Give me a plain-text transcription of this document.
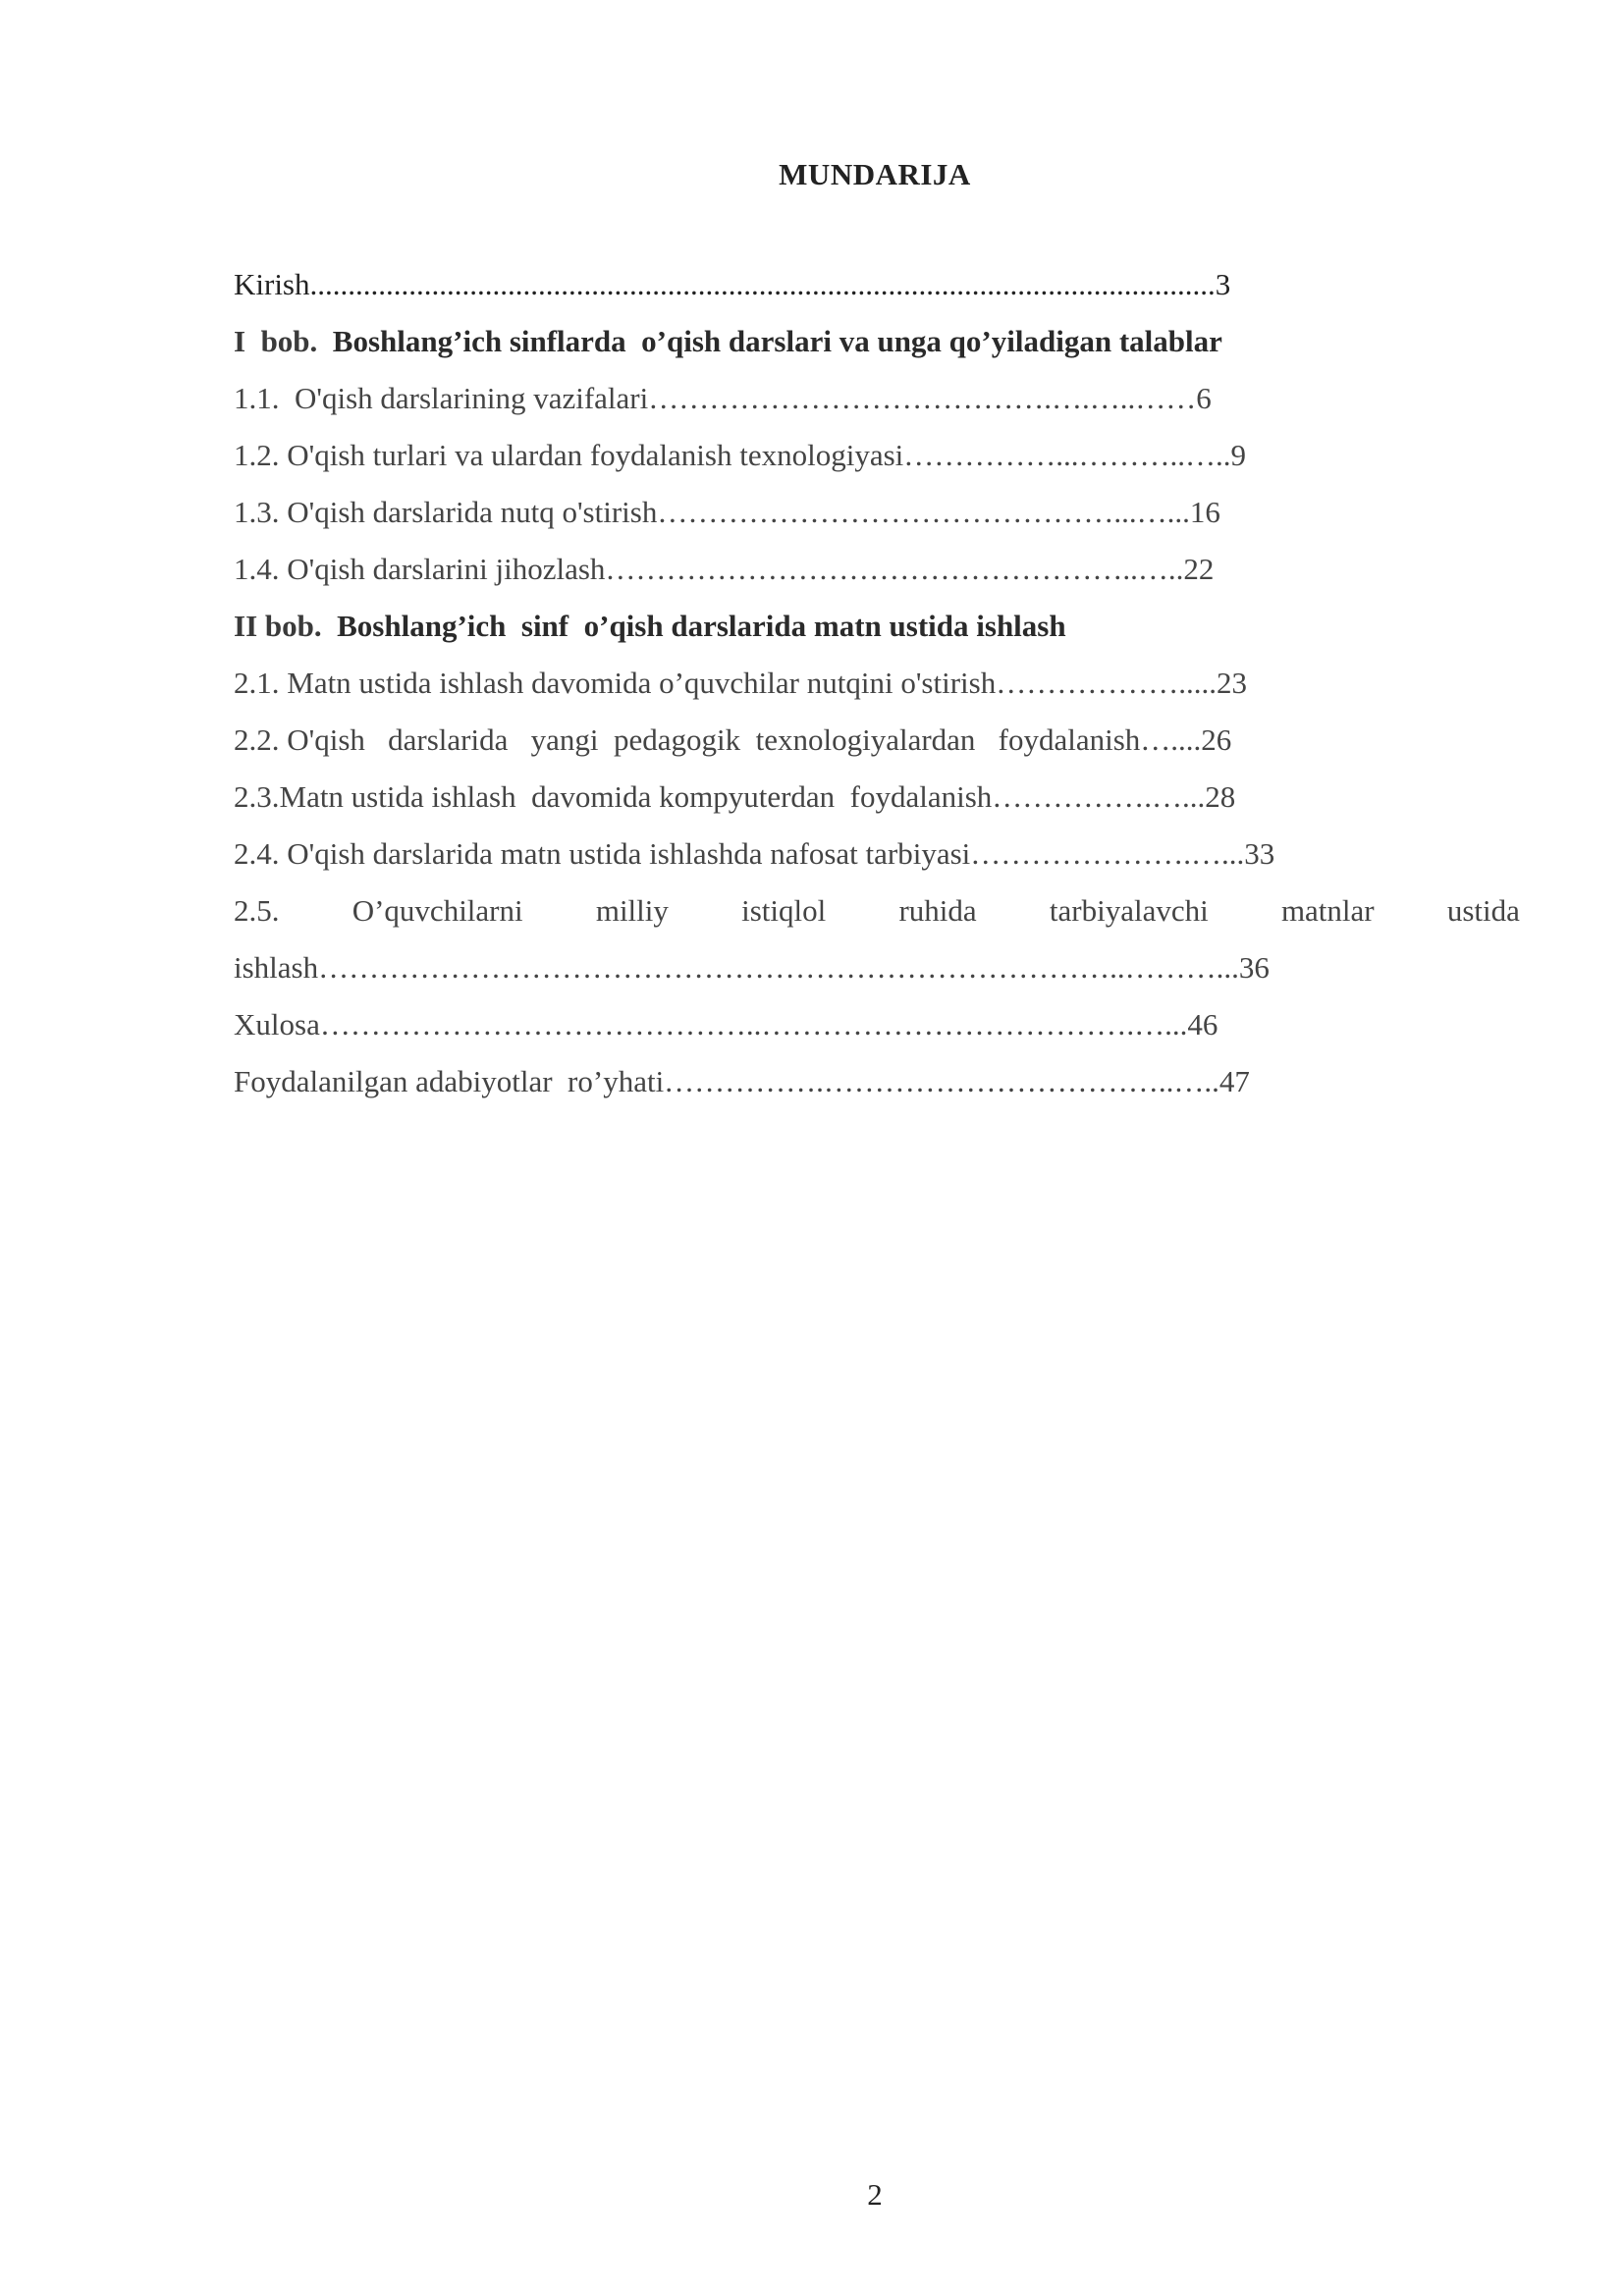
MUNDARIJA
Kirish.......................................................................................................................3
I  bob.  Boshlang’ich sinflarda  o’qish darslari va unga qo’yiladigan talablar
1.1.  O'qish darslarining vazifalari………………………………….….…..……6
1.2. O'qish turlari va ulardan foydalanish texnologiyasi……………...………..…..9
1.3. O'qish darslarida nutq o'stirish………………………………………...…...16
1.4. O'qish darslarini jihozlash……………………………………………..…..22
II bob.  Boshlang’ich  sinf  o’qish darslarida matn ustida ishlash
2.1. Matn ustida ishlash davomida o’quvchilar nutqini o'stirish……………….....23
2.2. O'qish   darslarida   yangi  pedagogik  texnologiyalardan   foydalanish…....26
2.3.Matn ustida ishlash  davomida kompyuterdan  foydalanish…………….…...28
2.4. O'qish darslarida matn ustida ishlashda nafosat tarbiyasi………………….…...33
2.5. O’quvchilarni milliy istiqlol ruhida tarbiyalavchi matnlar ustida
ishlash……………………………………………………………………..………...36
Xulosa……………………………………..……………………………….…...46
Foydalanilgan adabiyotlar  ro’yhati…………….……………………………..…..47
2
